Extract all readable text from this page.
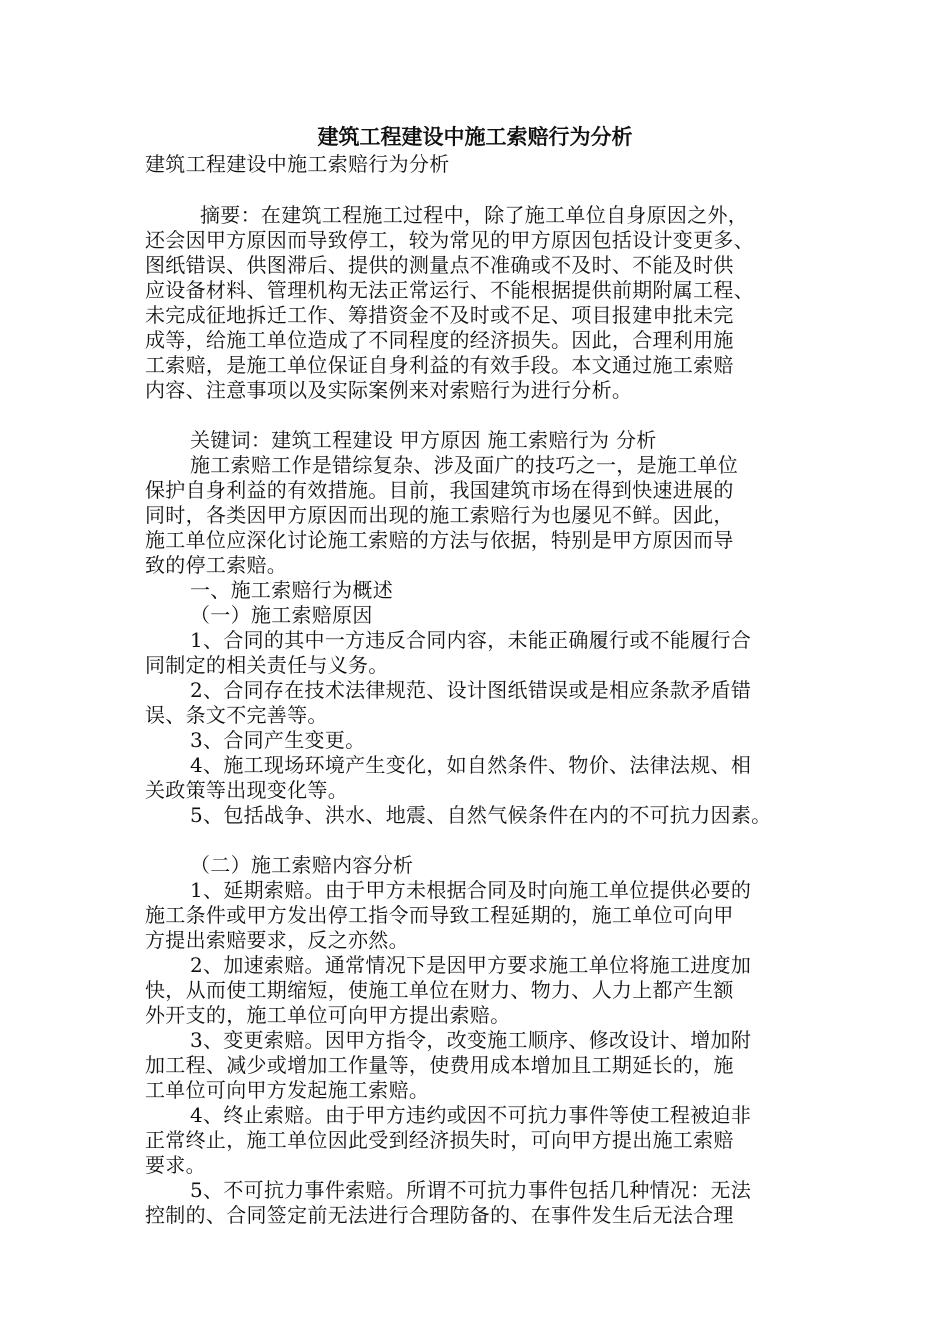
建筑工程建设中施工索赔行为分析
建筑工程建设中施工索赔行为分析
摘要：在建筑工程施工过程中，除了施工单位自身原因之外，
还会因甲方原因而导致停工，较为常见的甲方原因包括设计变更多、
图纸错误、供图滞后、提供的测量点不准确或不及时、不能及时供
应设备材料、管理机构无法正常运行、不能根据提供前期附属工程、
未完成征地拆迁工作、筹措资金不及时或不足、项目报建申批未完
成等，给施工单位造成了不同程度的经济损失。因此，合理利用施
工索赔，是施工单位保证自身利益的有效手段。本文通过施工索赔
内容、注意事项以及实际案例来对索赔行为进行分析。
关键词：建筑工程建设 甲方原因 施工索赔行为 分析
施工索赔工作是错综复杂、涉及面广的技巧之一，是施工单位
保护自身利益的有效措施。目前，我国建筑市场在得到快速进展的
同时，各类因甲方原因而出现的施工索赔行为也屡见不鲜。因此，
施工单位应深化讨论施工索赔的方法与依据，特别是甲方原因而导
致的停工索赔。
一、施工索赔行为概述
（一）施工索赔原因
1、合同的其中一方违反合同内容，未能正确履行或不能履行合
同制定的相关责任与义务。
2、合同存在技术法律规范、设计图纸错误或是相应条款矛盾错
误、条文不完善等。
3、合同产生变更。
4、施工现场环境产生变化，如自然条件、物价、法律法规、相
关政策等出现变化等。
5、包括战争、洪水、地震、自然气候条件在内的不可抗力因素。
（二）施工索赔内容分析
1、延期索赔。由于甲方未根据合同及时向施工单位提供必要的
施工条件或甲方发出停工指令而导致工程延期的，施工单位可向甲
方提出索赔要求，反之亦然。
2、加速索赔。通常情况下是因甲方要求施工单位将施工进度加
快，从而使工期缩短，使施工单位在财力、物力、人力上都产生额
外开支的，施工单位可向甲方提出索赔。
3、变更索赔。因甲方指令，改变施工顺序、修改设计、增加附
加工程、减少或增加工作量等，使费用成本增加且工期延长的，施
工单位可向甲方发起施工索赔。
4、终止索赔。由于甲方违约或因不可抗力事件等使工程被迫非
正常终止，施工单位因此受到经济损失时，可向甲方提出施工索赔
要求。
5、不可抗力事件索赔。所谓不可抗力事件包括几种情况：无法
控制的、合同签定前无法进行合理防备的、在事件发生后无法合理
